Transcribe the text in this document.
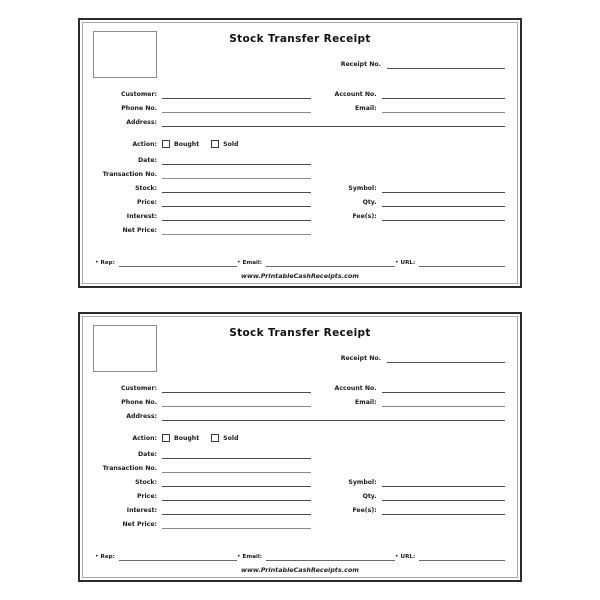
Stock Transfer Receipt
Receipt No.
Customer:	Account No.
Phone No.	Email:
Address:
Action:	Bought	Sold
Date:
Transaction No.
Stock:	Symbol:
Price:	Qty.
Interest:	Fee(s):
Net Price:
• Rep:	• Email:	• URL:
www.PrintableCashReceipts.com
Stock Transfer Receipt
Receipt No.
Customer:	Account No.
Phone No.	Email:
Address:
Action:	Bought	Sold
Date:
Transaction No.
Stock:	Symbol:
Price:	Qty.
Interest:	Fee(s):
Net Price:
• Rep:	• Email:	• URL:
www.PrintableCashReceipts.com
